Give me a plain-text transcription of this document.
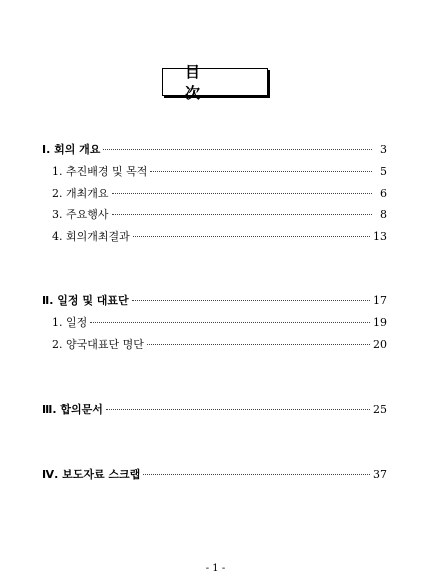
目 次
Ⅰ. 회의 개요	3
1. 추진배경 및 목적	5
2. 개최개요	6
3. 주요행사	8
4. 회의개최결과	13
Ⅱ. 일정 및 대표단	17
1. 일정	19
2. 양국대표단 명단	20
Ⅲ. 합의문서	25
Ⅳ. 보도자료 스크랩	37
- 1 -
